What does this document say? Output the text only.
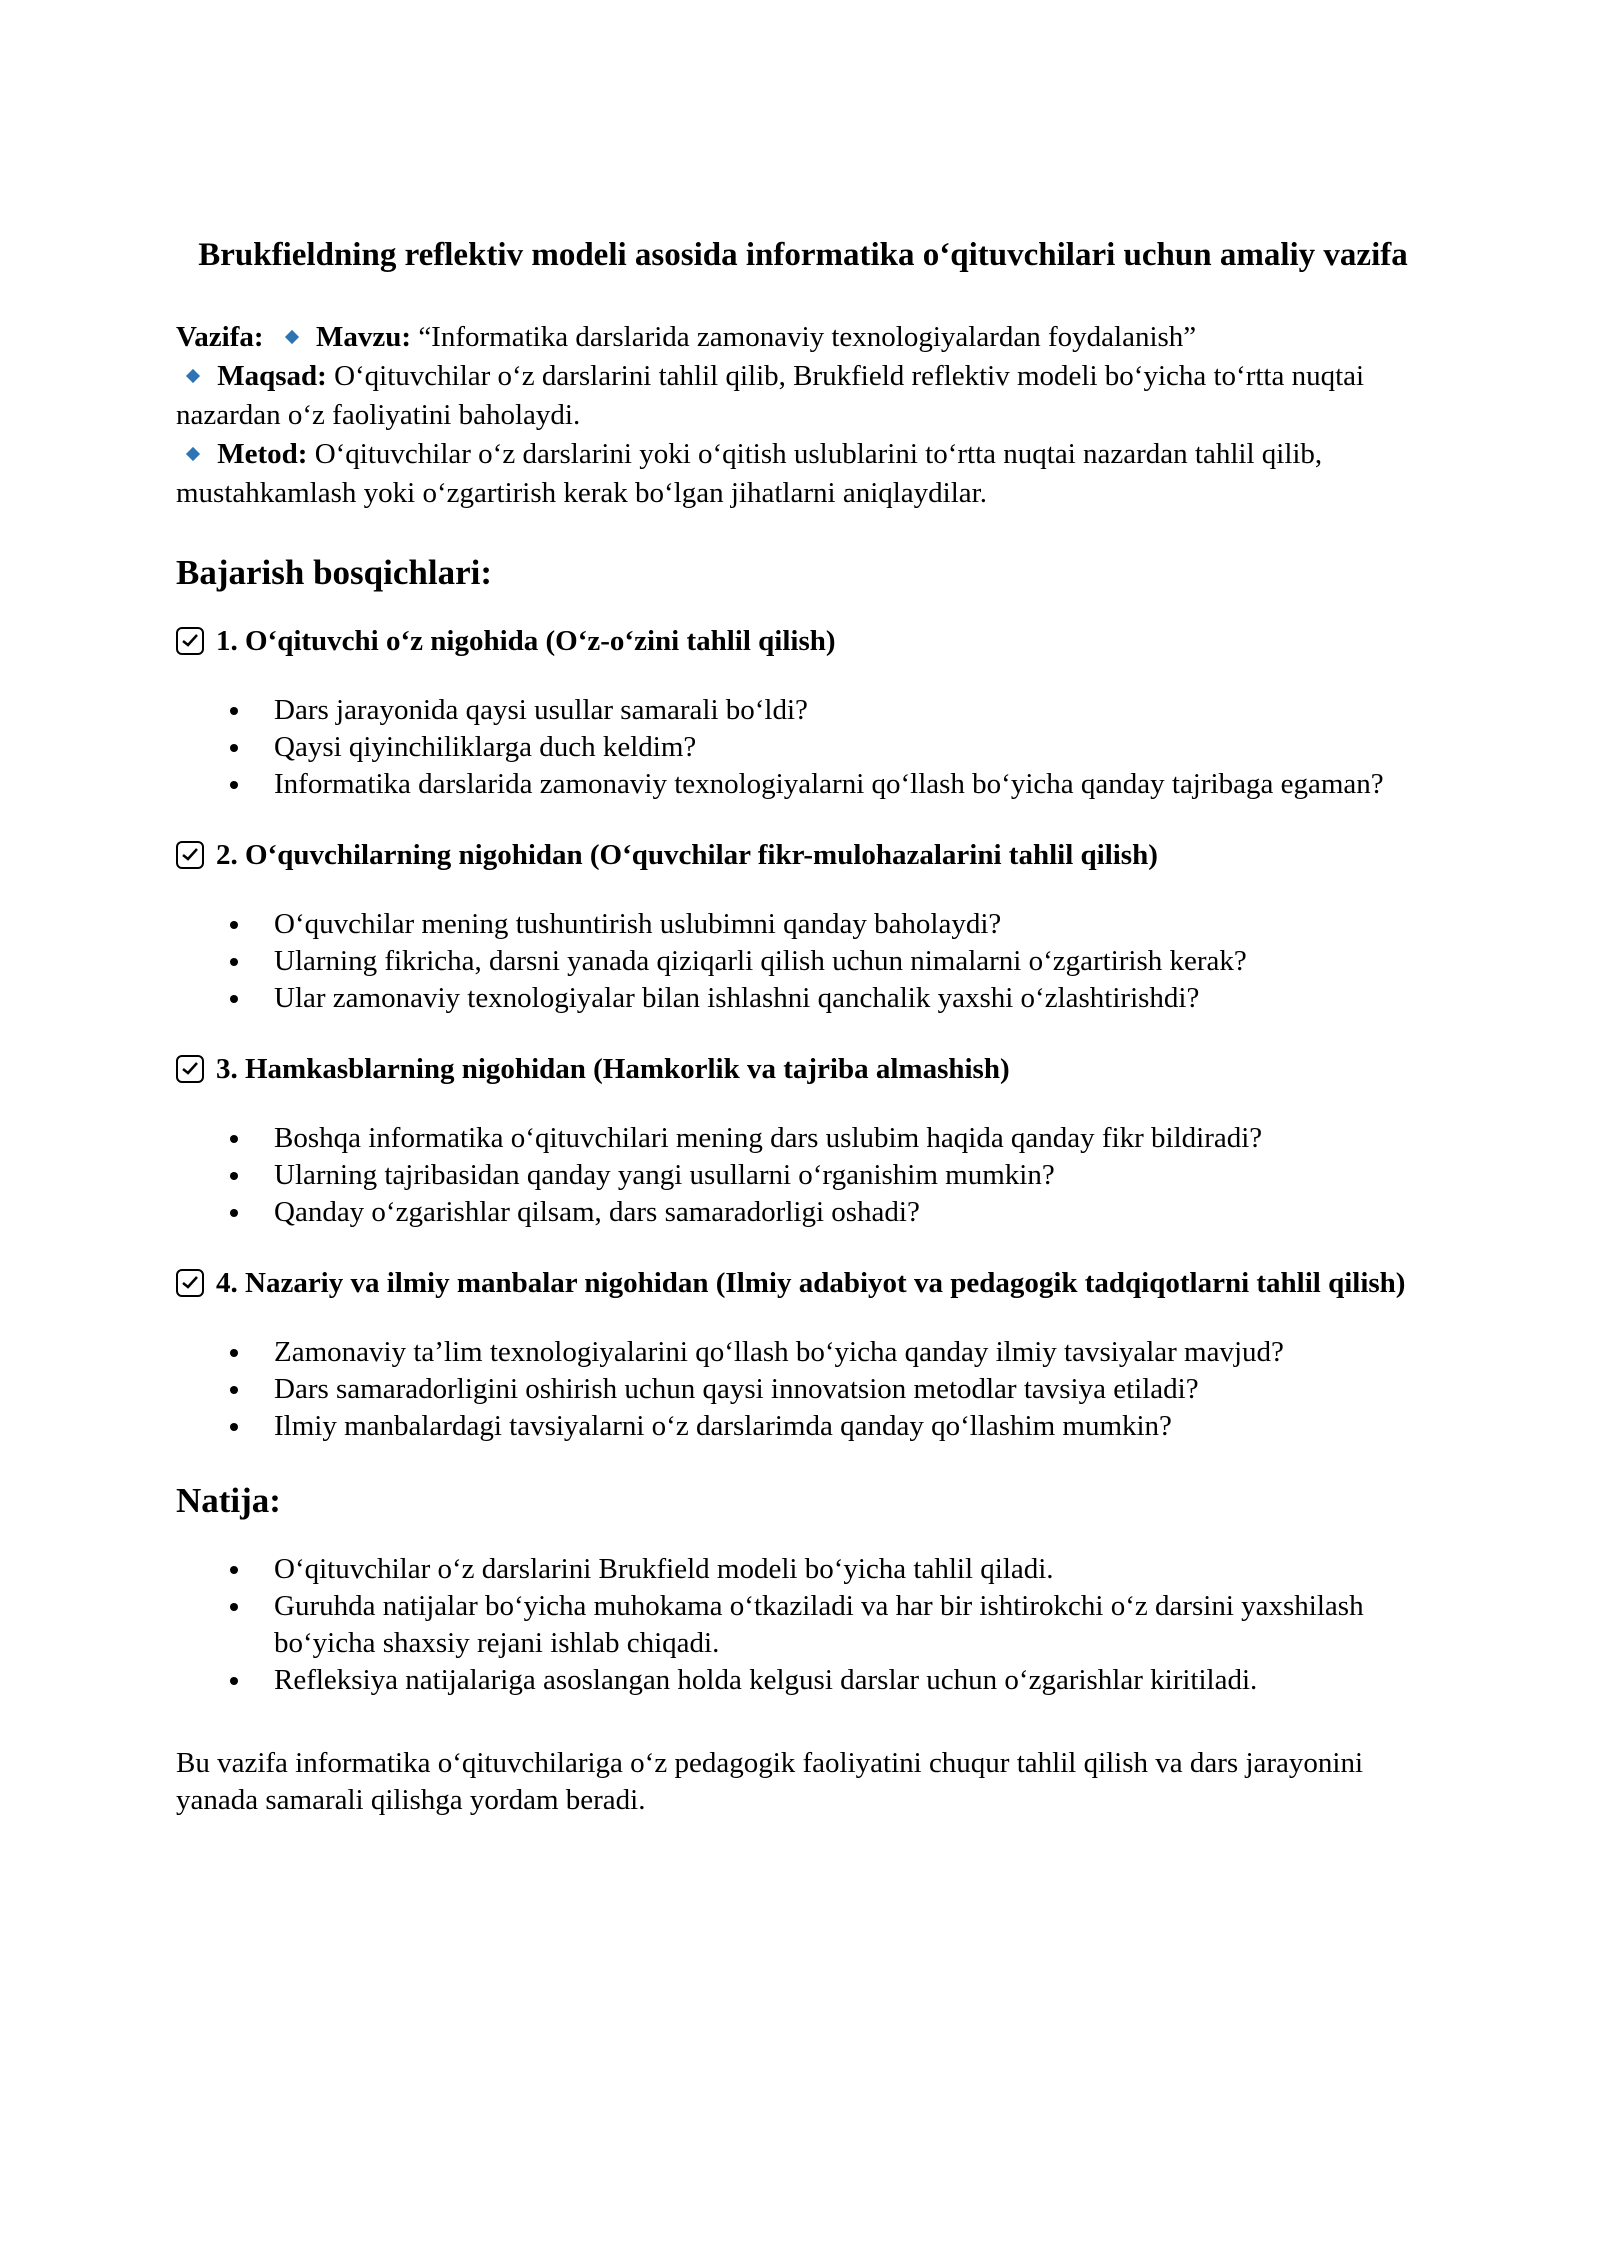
Brukfieldning reflektiv modeli asosida informatika o‘qituvchilari uchun amaliy vazifa

Vazifa: Mavzu: “Informatika darslarida zamonaviy texnologiyalardan foydalanish”

Maqsad: O‘qituvchilar o‘z darslarini tahlil qilib, Brukfield reflektiv modeli bo‘yicha to‘rtta nuqtai nazardan o‘z faoliyatini baholaydi.

Metod: O‘qituvchilar o‘z darslarini yoki o‘qitish uslublarini to‘rtta nuqtai nazardan tahlil qilib, mustahkamlash yoki o‘zgartirish kerak bo‘lgan jihatlarni aniqlaydilar.

Bajarish bosqichlari:
1. O‘qituvchi o‘z nigohida (O‘z-o‘zini tahlil qilish)
Dars jarayonida qaysi usullar samarali bo‘ldi?
Qaysi qiyinchiliklarga duch keldim?
Informatika darslarida zamonaviy texnologiyalarni qo‘llash bo‘yicha qanday tajribaga egaman?
2. O‘quvchilarning nigohidan (O‘quvchilar fikr-mulohazalarini tahlil qilish)
O‘quvchilar mening tushuntirish uslubimni qanday baholaydi?
Ularning fikricha, darsni yanada qiziqarli qilish uchun nimalarni o‘zgartirish kerak?
Ular zamonaviy texnologiyalar bilan ishlashni qanchalik yaxshi o‘zlashtirishdi?
3. Hamkasblarning nigohidan (Hamkorlik va tajriba almashish)
Boshqa informatika o‘qituvchilari mening dars uslubim haqida qanday fikr bildiradi?
Ularning tajribasidan qanday yangi usullarni o‘rganishim mumkin?
Qanday o‘zgarishlar qilsam, dars samaradorligi oshadi?
4. Nazariy va ilmiy manbalar nigohidan (Ilmiy adabiyot va pedagogik tadqiqotlarni tahlil qilish)
Zamonaviy ta’lim texnologiyalarini qo‘llash bo‘yicha qanday ilmiy tavsiyalar mavjud?
Dars samaradorligini oshirish uchun qaysi innovatsion metodlar tavsiya etiladi?
Ilmiy manbalardagi tavsiyalarni o‘z darslarimda qanday qo‘llashim mumkin?
Natija:
O‘qituvchilar o‘z darslarini Brukfield modeli bo‘yicha tahlil qiladi.
Guruhda natijalar bo‘yicha muhokama o‘tkaziladi va har bir ishtirokchi o‘z darsini yaxshilash bo‘yicha shaxsiy rejani ishlab chiqadi.
Refleksiya natijalariga asoslangan holda kelgusi darslar uchun o‘zgarishlar kiritiladi.

Bu vazifa informatika o‘qituvchilariga o‘z pedagogik faoliyatini chuqur tahlil qilish va dars jarayonini yanada samarali qilishga yordam beradi.
